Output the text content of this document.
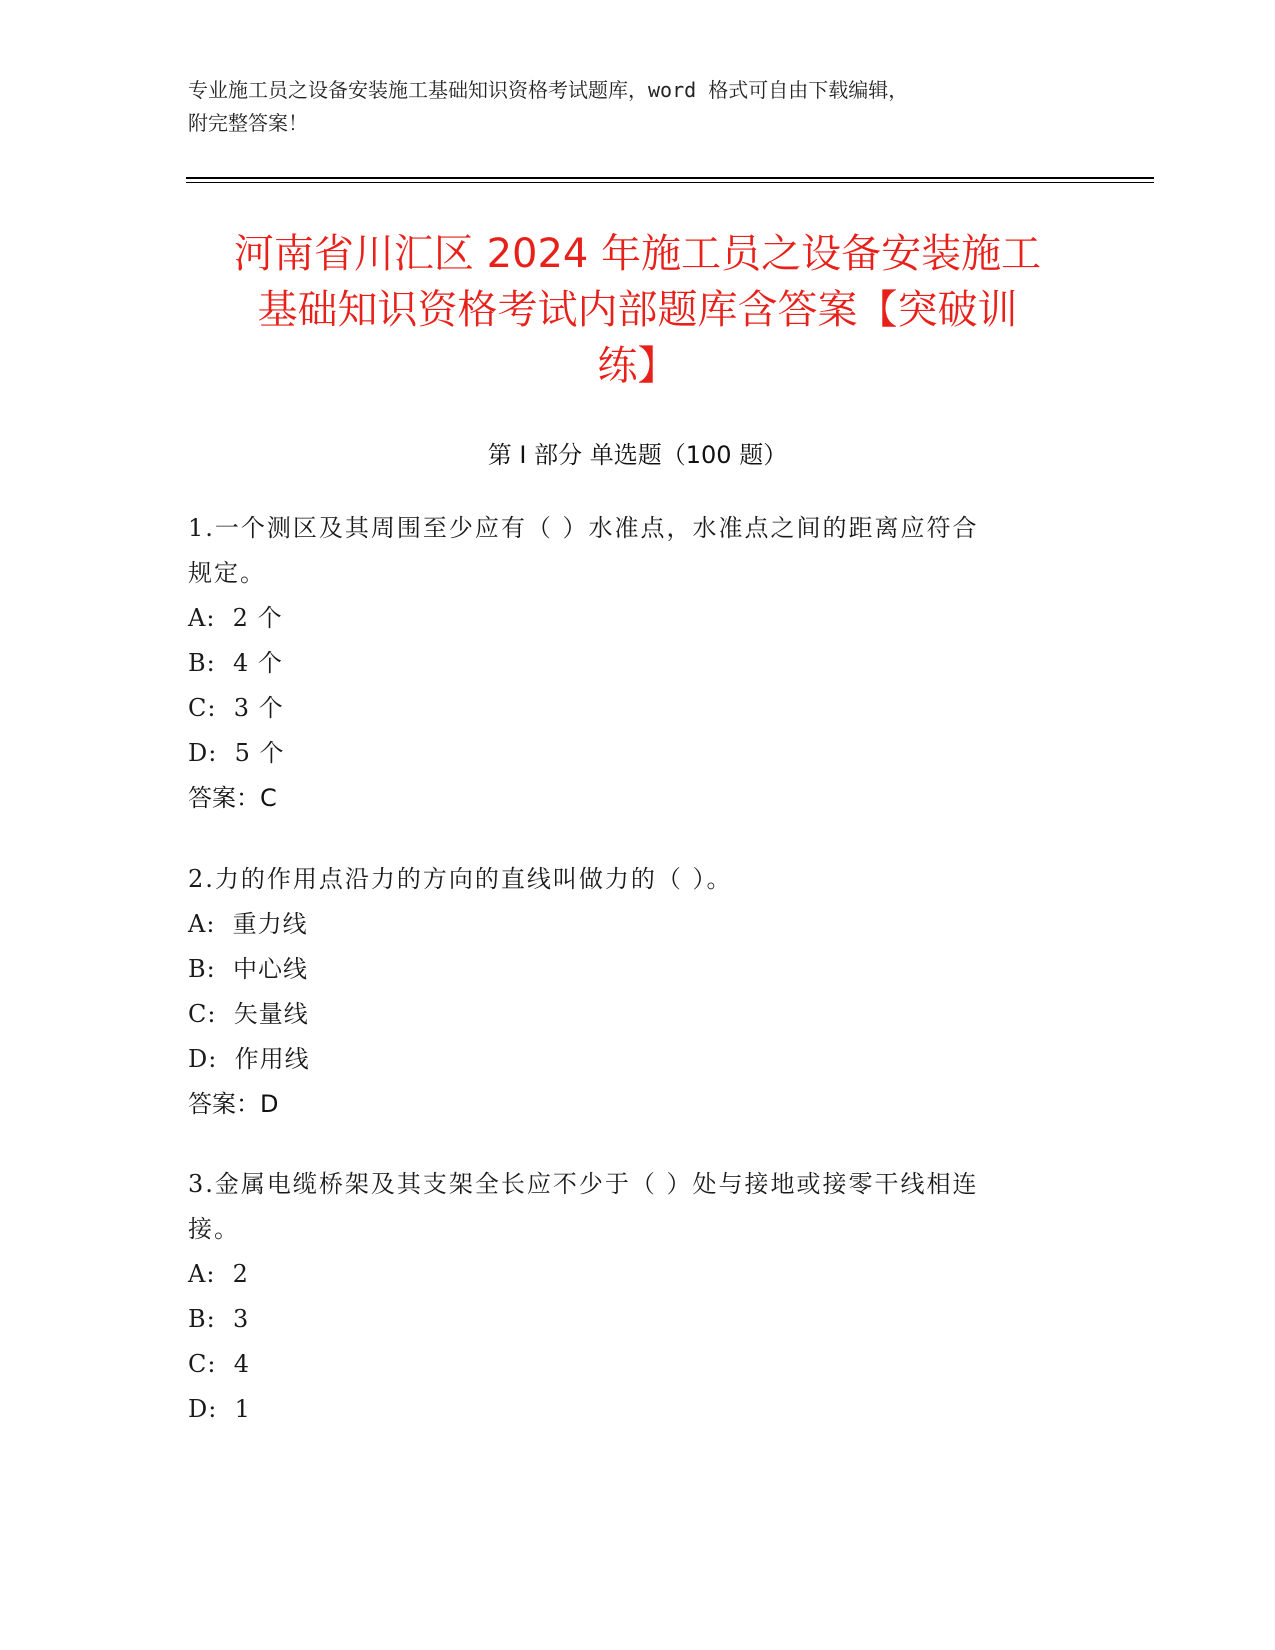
专业施工员之设备安装施工基础知识资格考试题库，word 格式可自由下载编辑，
附完整答案！
河南省川汇区 2024 年施工员之设备安装施工
基础知识资格考试内部题库含答案【突破训
练】
第 I 部分 单选题（100 题）
1.一个测区及其周围至少应有（ ）水准点，水准点之间的距离应符合
规定。
A:  2 个
B:  4 个
C:  3 个
D:  5 个
答案：C
2.力的作用点沿力的方向的直线叫做力的（ ）。
A:  重力线
B:  中心线
C:  矢量线
D:  作用线
答案：D
3.金属电缆桥架及其支架全长应不少于（ ）处与接地或接零干线相连
接。
A:  2
B:  3
C:  4
D:  1
